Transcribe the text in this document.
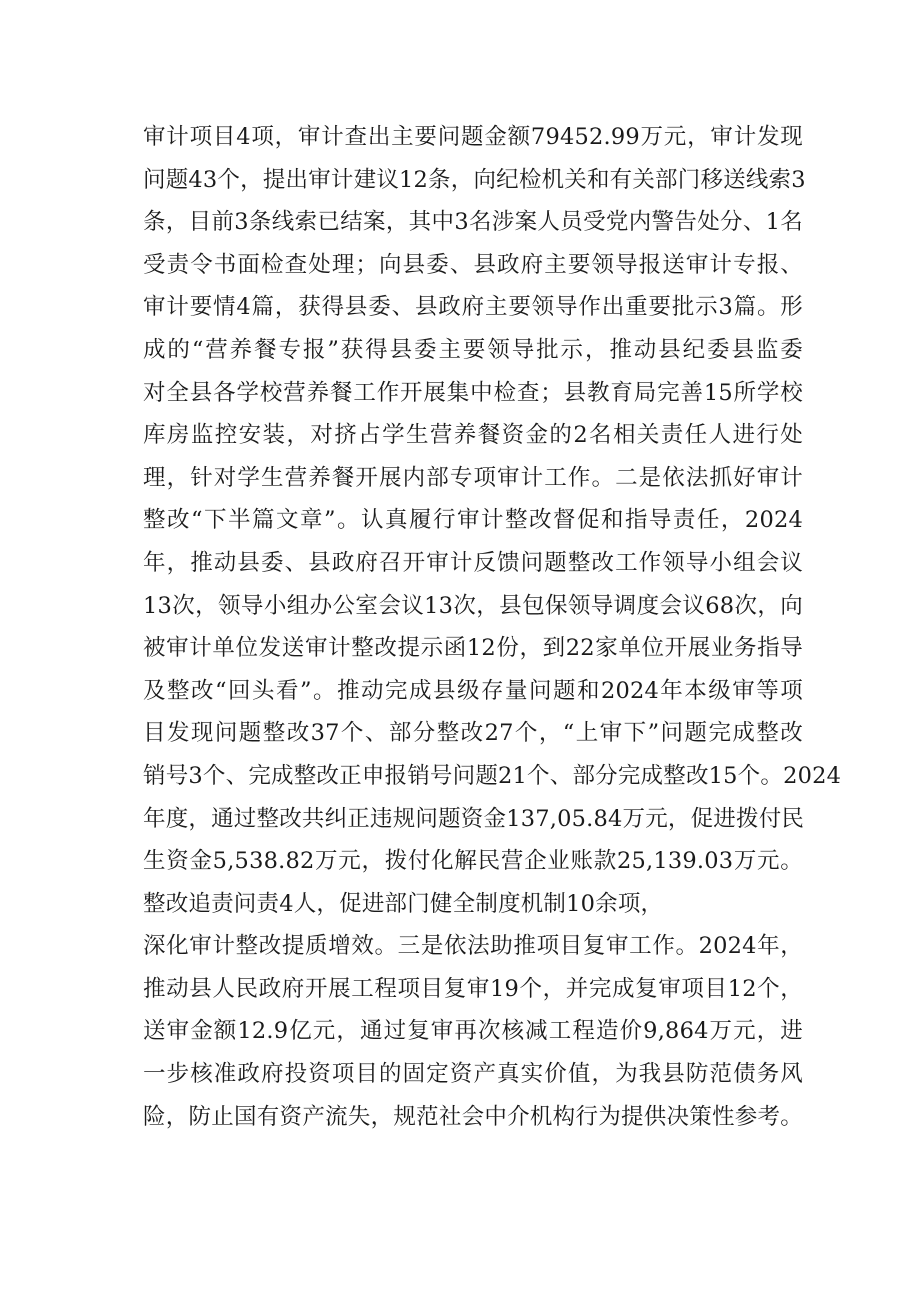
审计项目4项，审计查出主要问题金额79452.99万元，审计发现
问题43个，提出审计建议12条，向纪检机关和有关部门移送线索3
条，目前3条线索已结案，其中3名涉案人员受党内警告处分、1名
受责令书面检查处理；向县委、县政府主要领导报送审计专报、
审计要情4篇，获得县委、县政府主要领导作出重要批示3篇。形
成的“营养餐专报”获得县委主要领导批示，推动县纪委县监委
对全县各学校营养餐工作开展集中检查；县教育局完善15所学校
库房监控安装，对挤占学生营养餐资金的2名相关责任人进行处
理，针对学生营养餐开展内部专项审计工作。二是依法抓好审计
整改“下半篇文章”。认真履行审计整改督促和指导责任，2024
年，推动县委、县政府召开审计反馈问题整改工作领导小组会议
13次，领导小组办公室会议13次，县包保领导调度会议68次，向
被审计单位发送审计整改提示函12份，到22家单位开展业务指导
及整改“回头看”。推动完成县级存量问题和2024年本级审等项
目发现问题整改37个、部分整改27个，“上审下”问题完成整改
销号3个、完成整改正申报销号问题21个、部分完成整改15个。2024
年度，通过整改共纠正违规问题资金137,05.84万元，促进拨付民
生资金5,538.82万元，拨付化解民营企业账款25,139.03万元。
整改追责问责4人，促进部门健全制度机制10余项，
深化审计整改提质增效。三是依法助推项目复审工作。2024年，
推动县人民政府开展工程项目复审19个，并完成复审项目12个，
送审金额12.9亿元，通过复审再次核减工程造价9,864万元，进
一步核准政府投资项目的固定资产真实价值，为我县防范债务风
险，防止国有资产流失，规范社会中介机构行为提供决策性参考。
